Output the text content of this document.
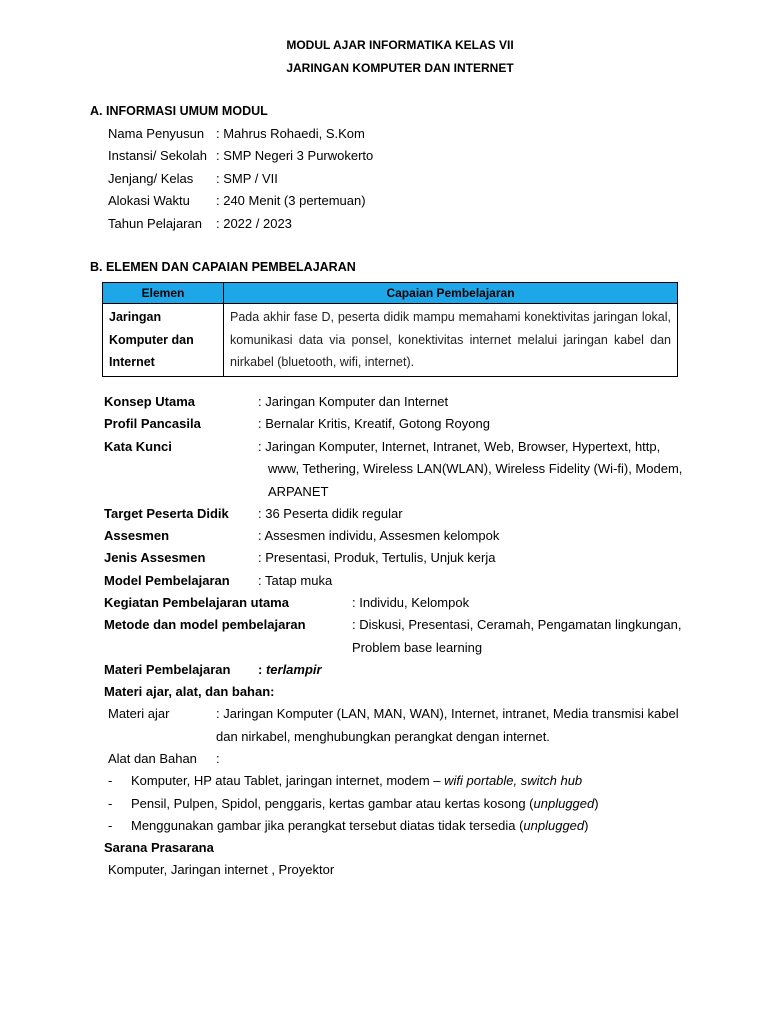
MODUL AJAR INFORMATIKA KELAS VII
JARINGAN KOMPUTER DAN INTERNET
A. INFORMASI UMUM MODUL
Nama Penyusun : Mahrus Rohaedi, S.Kom
Instansi/ Sekolah : SMP Negeri 3 Purwokerto
Jenjang/ Kelas : SMP / VII
Alokasi Waktu : 240 Menit (3 pertemuan)
Tahun Pelajaran : 2022 / 2023
B. ELEMEN DAN CAPAIAN PEMBELAJARAN
Elemen	Capaian Pembelajaran

Jaringan
Komputer dan
Internet	Pada akhir fase D, peserta didik mampu memahami konektivitas jaringan lokal, komunikasi data via ponsel, konektivitas internet melalui jaringan kabel dan nirkabel (bluetooth, wifi, internet).
Konsep Utama	: Jaringan Komputer dan Internet
Profil Pancasila	: Bernalar Kritis, Kreatif, Gotong Royong
Kata Kunci	: Jaringan Komputer, Internet, Intranet, Web, Browser, Hypertext, http,
www, Tethering, Wireless LAN(WLAN), Wireless Fidelity (Wi-fi), Modem,
ARPANET
Target Peserta Didik : 36 Peserta didik regular
Assesmen	: Assesmen individu, Assesmen kelompok
Jenis Assesmen	: Presentasi, Produk, Tertulis, Unjuk kerja
Model Pembelajaran : Tatap muka
Kegiatan Pembelajaran utama	: Individu, Kelompok
Metode dan model pembelajaran	: Diskusi, Presentasi, Ceramah, Pengamatan lingkungan,
Problem base learning
Materi Pembelajaran : terlampir
Materi ajar, alat, dan bahan:
Materi ajar	: Jaringan Komputer (LAN, MAN, WAN), Internet, intranet, Media transmisi kabel
dan nirkabel, menghubungkan perangkat dengan internet.
Alat dan Bahan :
- Komputer, HP atau Tablet, jaringan internet, modem – wifi portable, switch hub
- Pensil, Pulpen, Spidol, penggaris, kertas gambar atau kertas kosong (unplugged)
- Menggunakan gambar jika perangkat tersebut diatas tidak tersedia (unplugged)
Sarana Prasarana
Komputer, Jaringan internet , Proyektor
